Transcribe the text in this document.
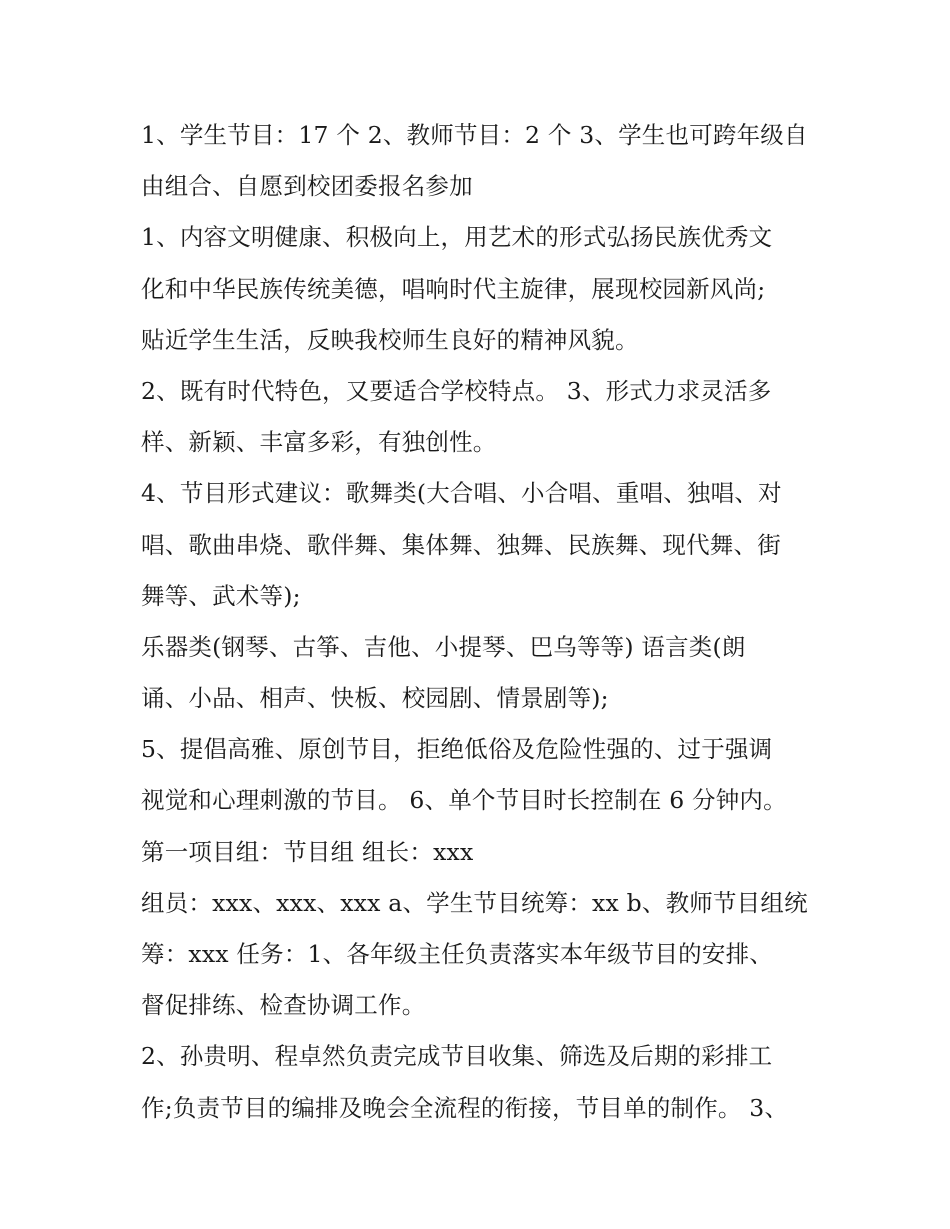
1、学生节目：17 个 2、教师节目：2 个 3、学生也可跨年级自
由组合、自愿到校团委报名参加
1、内容文明健康、积极向上，用艺术的形式弘扬民族优秀文
化和中华民族传统美德，唱响时代主旋律，展现校园新风尚;
贴近学生生活，反映我校师生良好的精神风貌。
2、既有时代特色，又要适合学校特点。 3、形式力求灵活多
样、新颖、丰富多彩，有独创性。
4、节目形式建议：歌舞类(大合唱、小合唱、重唱、独唱、对
唱、歌曲串烧、歌伴舞、集体舞、独舞、民族舞、现代舞、街
舞等、武术等);
乐器类(钢琴、古筝、吉他、小提琴、巴乌等等) 语言类(朗
诵、小品、相声、快板、校园剧、情景剧等);
5、提倡高雅、原创节目，拒绝低俗及危险性强的、过于强调
视觉和心理刺激的节目。 6、单个节目时长控制在 6 分钟内。
第一项目组：节目组 组长：xxx
组员：xxx、xxx、xxx a、学生节目统筹：xx b、教师节目组统
筹：xxx 任务：1、各年级主任负责落实本年级节目的安排、
督促排练、检查协调工作。
2、孙贵明、程卓然负责完成节目收集、筛选及后期的彩排工
作;负责节目的编排及晚会全流程的衔接，节目单的制作。 3、
